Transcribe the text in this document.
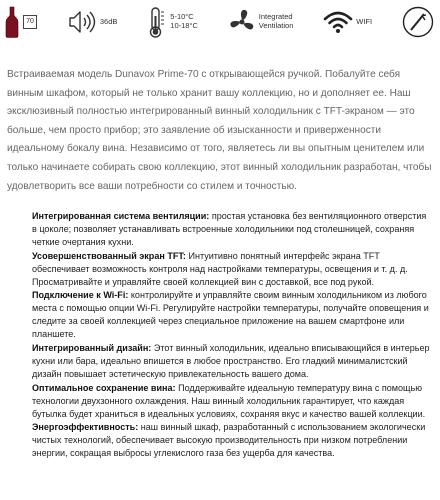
70	36dB	5-10°C
10-18°C
Integrated
Ventilation	WIFI

Встраиваемая модель Dunavox Prime-70 с открывающейся ручкой. Побалуйте себя винным шкафом, который не только хранит вашу коллекцию, но и дополняет ее. Наш эксклюзивный полностью интегрированный винный холодильник с TFT-экраном — это больше, чем просто прибор; это заявление об изысканности и приверженности идеальному бокалу вина. Независимо от того, являетесь ли вы опытным ценителем или только начинаете собирать свою коллекцию, этот винный холодильник разработан, чтобы удовлетворить все ваши потребности со стилем и точностью.

Интегрированная система вентиляции: простая установка без вентиляционного отверстия в цоколе; позволяет устанавливать встроенные холодильники под столешницей, сохраняя четкие очертания кухни.
Усовершенствованный экран TFT: Интуитивно понятный интерфейс экрана TFT обеспечивает возможность контроля над настройками температуры, освещения и т. д. д. Просматривайте и управляйте своей коллекцией вин с доставкой, все под рукой.
Подключение к Wi-Fi: контролируйте и управляйте своим винным холодильником из любого места с помощью опции Wi-Fi. Регулируйте настройки температуры, получайте оповещения и следите за своей коллекцией через специальное приложение на вашем смартфоне или планшете.
Интегрированный дизайн: Этот винный холодильник, идеально вписывающийся в интерьер кухни или бара, идеально впишется в любое пространство. Его гладкий минималистский дизайн повышает эстетическую привлекательность вашего дома.
Оптимальное сохранение вина: Поддерживайте идеальную температуру вина с помощью технологии двухзонного охлаждения. Наш винный холодильник гарантирует, что каждая бутылка будет храниться в идеальных условиях, сохраняя вкус и качество вашей коллекции.
Энергоэффективность: наш винный шкаф, разработанный с использованием экологически чистых технологий, обеспечивает высокую производительность при низком потреблении энергии, сокращая выбросы углекислого газа без ущерба для качества.
